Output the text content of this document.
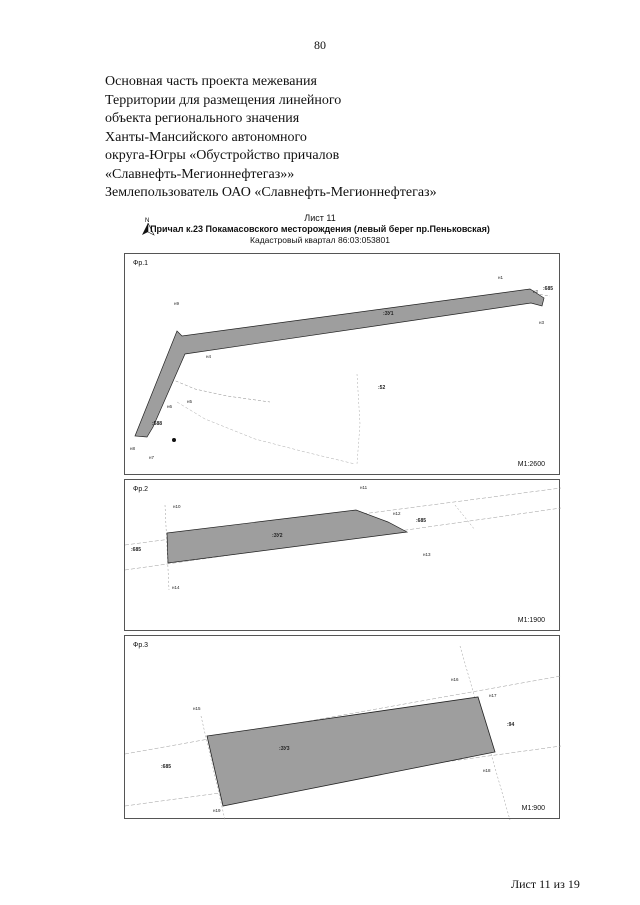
80
Основная часть проекта межевания
Территории для размещения линейного
объекта регионального значения
Ханты-Мансийского автономного
округа-Югры «Обустройство причалов
«Славнефть-Мегионнефтегаз»»
Землепользователь ОАО «Славнефть-Мегионнефтегаз»
N	Лист 11
Причал к.23 Покамасовского месторождения (левый берег пр.Пеньковская)
Кадастровый квартал 86:03:053801
Фр.1
M1:2600
:ЗУ1
:52
:588
:685
н1
н2
н3
н4
н5
н6
н7
н8
н9
Фр.2
M1:1900
:ЗУ2
:685
:685
н10
н11
н12
н13
н14
Фр.3
M1:900
:ЗУ3
:685
:94
н15
н16
н17
н18
н19
Лист 11 из 19
